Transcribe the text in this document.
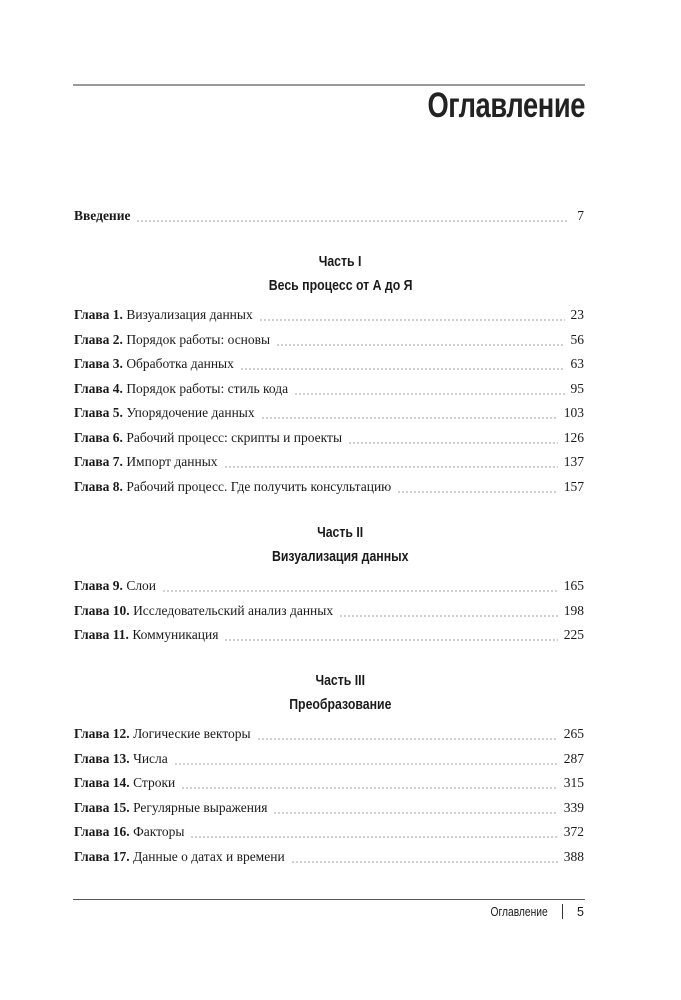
Оглавление
Введение	7
Часть I
Весь процесс от А до Я
Глава 1. Визуализация данных	23
Глава 2. Порядок работы: основы	56
Глава 3. Обработка данных	63
Глава 4. Порядок работы: стиль кода	95
Глава 5. Упорядочение данных	103
Глава 6. Рабочий процесс: скрипты и проекты	126
Глава 7. Импорт данных	137
Глава 8. Рабочий процесс. Где получить консультацию	157
Часть II
Визуализация данных
Глава 9. Слои	165
Глава 10. Исследовательский анализ данных	198
Глава 11. Коммуникация	225
Часть III
Преобразование
Глава 12. Логические векторы	265
Глава 13. Числа	287
Глава 14. Строки	315
Глава 15. Регулярные выражения	339
Глава 16. Факторы	372
Глава 17. Данные о датах и времени	388
Оглавление 5
